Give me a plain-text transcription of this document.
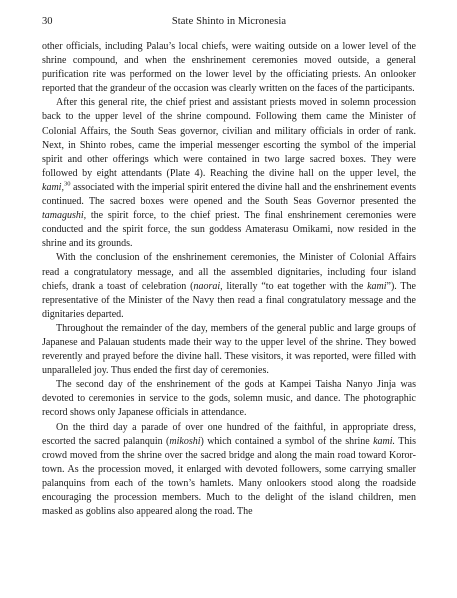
30	State Shinto in Micronesia

other officials, including Palau’s local chiefs, were waiting outside on a lower level of the shrine compound, and when the enshrinement ceremonies moved outside, a general purification rite was performed on the lower level by the officiating priests. An onlooker reported that the grandeur of the occasion was clearly written on the faces of the participants.

After this general rite, the chief priest and assistant priests moved in solemn procession back to the upper level of the shrine compound. Following them came the Minister of Colonial Affairs, the South Seas governor, civilian and military officials in order of rank. Next, in Shinto robes, came the imperial messenger escorting the symbol of the imperial spirit and other offerings which were contained in two large sacred boxes. They were followed by eight attendants (Plate 4). Reaching the divine hall on the upper level, the kami,$^{30}$ associated with the imperial spirit entered the divine hall and the enshrinement events continued. The sacred boxes were opened and the South Seas Governor presented the tamagushi, the spirit force, to the chief priest. The final enshrinement ceremonies were conducted and the spirit force, the sun goddess Amaterasu Omikami, now resided in the shrine and its grounds.

With the conclusion of the enshrinement ceremonies, the Minister of Colonial Affairs read a congratulatory message, and all the assembled dignitaries, including four island chiefs, drank a toast of celebration (naorai, literally “to eat together with the kami”). The representative of the Minister of the Navy then read a final congratulatory message and the dignitaries departed.

Throughout the remainder of the day, members of the general public and large groups of Japanese and Palauan students made their way to the upper level of the shrine. They bowed reverently and prayed before the divine hall. These visitors, it was reported, were filled with unparalleled joy. Thus ended the first day of ceremonies.

The second day of the enshrinement of the gods at Kampei Taisha Nanyo Jinja was devoted to ceremonies in service to the gods, solemn music, and dance. The photographic record shows only Japanese officials in attendance.

On the third day a parade of over one hundred of the faithful, in appropriate dress, escorted the sacred palanquin (mikoshi) which contained a symbol of the shrine kami. This crowd moved from the shrine over the sacred bridge and along the main road toward Koror-town. As the procession moved, it enlarged with devoted followers, some carrying smaller palanquins from each of the town’s hamlets. Many onlookers stood along the roadside encouraging the procession members. Much to the delight of the island children, men masked as goblins also appeared along the road. The
